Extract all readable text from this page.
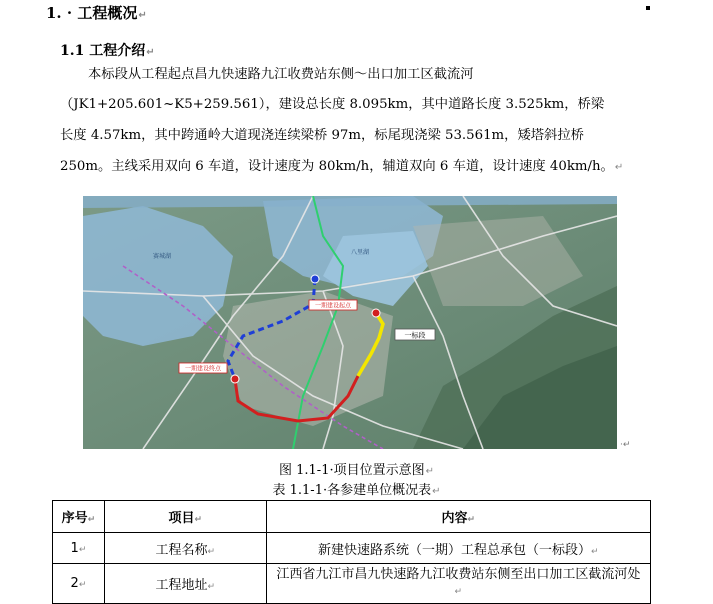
1. · 工程概况↵
1.1 工程介绍↵
本标段从工程起点昌九快速路九江收费站东侧～出口加工区截流河
（JK1+205.601~K5+259.561），建设总长度 8.095km，其中道路长度 3.525km，桥梁
长度 4.57km，其中跨通岭大道现浇连续梁桥 97m，标尾现浇梁 53.561m，矮塔斜拉桥
250m。主线采用双向 6 车道，设计速度为 80km/h，辅道双向 6 车道，设计速度 40km/h。↵
一期建设起点
一期建设终点
一标段
八里湖
赛城湖
·↵
图 1.1-1·项目位置示意图↵
表 1.1-1·各参建单位概况表↵
序号↵	项目↵	内容↵
1↵	工程名称↵	新建快速路系统（一期）工程总承包（一标段）↵
2↵	工程地址↵	江西省九江市昌九快速路九江收费站东侧至出口加工区截流河处↵
